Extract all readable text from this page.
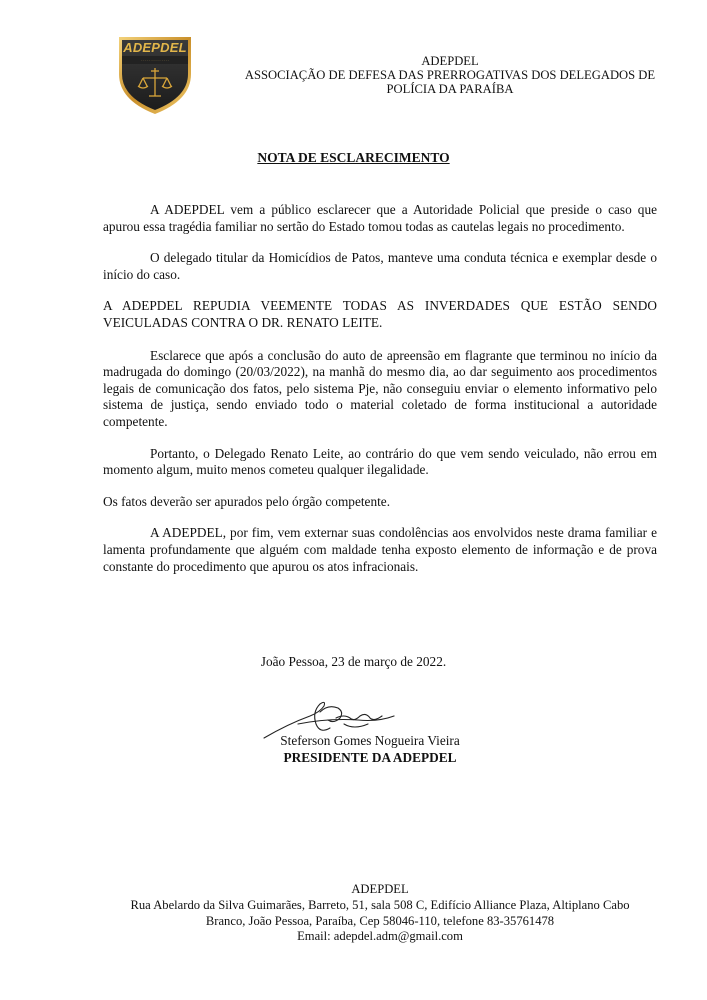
· · · · · · · · · · · · · ·
ADEPDEL
ADEPDEL
ASSOCIAÇÃO DE DEFESA DAS PRERROGATIVAS DOS DELEGADOS DE
POLÍCIA DA PARAÍBA
NOTA DE ESCLARECIMENTO

A ADEPDEL vem a público esclarecer que a Autoridade Policial que preside o caso que apurou essa tragédia familiar no sertão do Estado tomou todas as cautelas legais no procedimento.

O delegado titular da Homicídios de Patos, manteve uma conduta técnica e exemplar desde o início do caso.

A ADEPDEL REPUDIA VEEMENTE TODAS AS INVERDADES QUE ESTÃO SENDO VEICULADAS CONTRA O DR. RENATO LEITE.

Esclarece que após a conclusão do auto de apreensão em flagrante que terminou no início da madrugada do domingo (20/03/2022), na manhã do mesmo dia, ao dar seguimento aos procedimentos legais de comunicação dos fatos, pelo sistema Pje, não conseguiu enviar o elemento informativo pelo sistema de justiça, sendo enviado todo o material coletado de forma institucional a autoridade competente.

Portanto, o Delegado Renato Leite, ao contrário do que vem sendo veiculado, não errou em momento algum, muito menos cometeu qualquer ilegalidade.

Os fatos deverão ser apurados pelo órgão competente.

A ADEPDEL, por fim, vem externar suas condolências aos envolvidos neste drama familiar e lamenta profundamente que alguém com maldade tenha exposto elemento de informação e de prova constante do procedimento que apurou os atos infracionais.

João Pessoa, 23 de março de 2022.
Steferson Gomes Nogueira Vieira
PRESIDENTE DA ADEPDEL
ADEPDEL
Rua Abelardo da Silva Guimarães, Barreto, 51, sala 508 C, Edifício Alliance Plaza, Altiplano Cabo
Branco, João Pessoa, Paraíba, Cep 58046-110, telefone 83-35761478
Email: adepdel.adm@gmail.com
